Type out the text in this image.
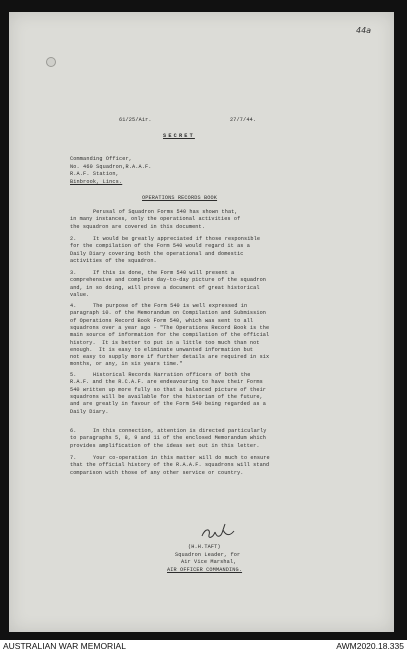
44a
61/25/Air.	27/7/44.
SECRET
Commanding Officer,
No. 460 Squadron,R.A.A.F.
R.A.F. Station,
Binbrook, Lincs.
OPERATIONS RECORDS BOOK
Perusal of Squadron Forms 540 has shown that,
in many instances, only the operational activities of
the squadron are covered in this document.
2.	It would be greatly appreciated if those responsible
for the compilation of the Form 540 would regard it as a
Daily Diary covering both the operational and domestic
activities of the squadron.
3.	If this is done, the Form 540 will present a
comprehensive and complete day-to-day picture of the squadron
and, in so doing, will prove a document of great historical
value.
4.	The purpose of the Form 540 is well expressed in
paragraph 10. of the Memorandum on Compilation and Submission
of Operations Record Book Form 540, which was sent to all
squadrons over a year ago - "The Operations Record Book is the
main source of information for the compilation of the official
history.  It is better to put in a little too much than not
enough.  It is easy to eliminate unwanted information but
not easy to supply more if further details are required in six
months, or any, in six years time."
5.	Historical Records Narration officers of both the
R.A.F. and the R.C.A.F. are endeavouring to have their Forms
540 written up more fully so that a balanced picture of their
squadrons will be available for the historian of the future,
and are greatly in favour of the Form 540 being regarded as a
Daily Diary.
6.	In this connection, attention is directed particularly
to paragraphs 5, 8, 9 and 11 of the enclosed Memorandum which
provides amplification of the ideas set out in this letter.
7.	Your co-operation in this matter will do much to ensure
that the official history of the R.A.A.F. squadrons will stand
comparison with those of any other service or country.
(H.H.TAFT)
Squadron Leader, for
Air Vice Marshal,
AIR OFFICER COMMANDING.
AUSTRALIAN WAR MEMORIAL	AWM2020.18.335
